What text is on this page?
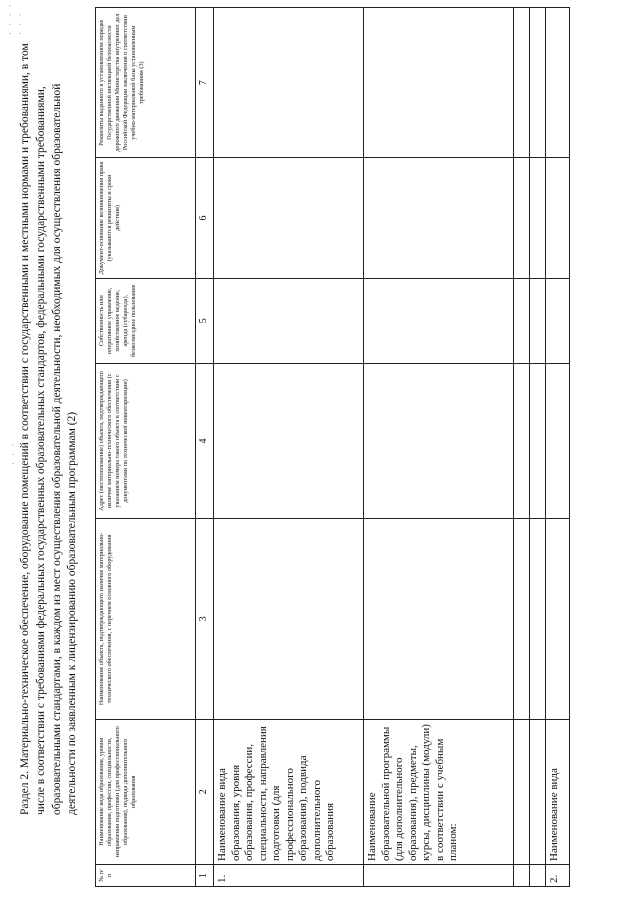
Раздел 2. Материально-техническое обеспечение, оборудование помещений в соответствии с государственными и местными нормами и требованиями, в том числе в соответствии с требованиями федеральных государственных образовательных стандартов, федеральными государственными требованиями, образовательными стандартами, в каждом из мест осуществления образовательной деятельности, необходимых для осуществления образовательной деятельности по заявленным к лицензированию образовательным программам (2)
№ п/п	Наименование вида образования, уровня образования, профессии, специальности, направления подготовки (для профессионального образования), подвида дополнительного образования	Наименование объекта, подтверждающего наличие материально-технического обеспечения, с перечнем основного оборудования	Адрес (местоположение) объекта, подтверждающего наличие материально-технического обеспечения (с указанием номера такого объекта в соответствии с документами по технической инвентаризации)	Собственность или оперативное управление, хозяйственное ведение, аренда (субаренда), безвозмездное пользование	Документ-основание возникновения права (указываются реквизиты и сроки действия)	Реквизиты выданного в установленном порядке Государственной инспекцией безопасности дорожного движения Министерства внутренних дел Российской Федерации заключения о соответствии учебно-материальной базы установленным требованиям (3)
1	2	3	4	5	6	7
1.	Наименование вида образования, уровня образования, профессии, специальности, направления подготовки (для профессионального образования), подвида дополнительного образования					
	Наименование образовательной программы (для дополнительного образования), предметы, курсы, дисциплины (модули) в соответствии с учебным планом:					

2.	Наименование вида					
· · · · · · ·
· · ·
